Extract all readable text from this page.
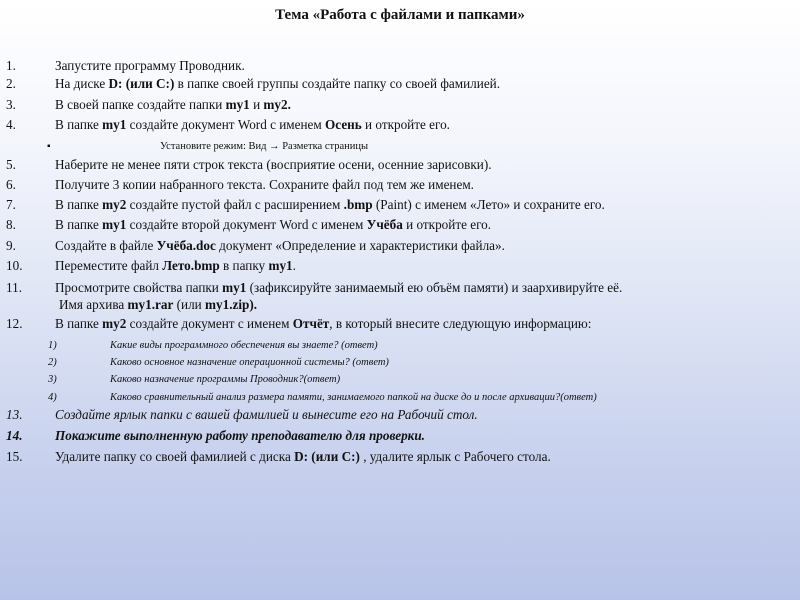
Тема «Работа с файлами и папками»
1.	Запустите программу Проводник.
2.	На диске D: (или C:) в папке своей группы создайте папку со своей фамилией.
3.	В своей папке создайте папки my1 и my2.
4.	В папке my1 создайте документ Word с именем Осень и откройте его.
5.	Наберите не менее пяти строк текста (восприятие осени, осенние зарисовки).
6.	Получите 3 копии набранного текста. Сохраните файл под тем же именем.
7.	В папке my2 создайте пустой файл с расширением .bmp (Paint) с именем «Лето» и сохраните его.
8.	В папке my1 создайте второй документ Word с именем Учёба и откройте его.
9.	Создайте в файле Учёба.doc документ «Определение и характеристики файла».
10. Переместите файл Лето.bmp в папку my1.
11.	Просмотрите свойства папки my1 (зафиксируйте занимаемый ею объём памяти) и заархивируйте её.
12. В папке my2 создайте документ с именем Отчёт, в который внесите следующую информацию:
13. Создайте ярлык папки с вашей фамилией и вынесите его на Рабочий стол.
14. Покажите выполненную работу преподавателю для проверки.
15. Удалите папку со своей фамилией с диска D: (или C:) , удалите ярлык с Рабочего стола.
▪	Установите режим: Вид → Разметка страницы
Имя архива my1.rar (или my1.zip).
1)	Какие виды программного обеспечения вы знаете? (ответ)
2)	Каково основное назначение операционной системы? (ответ)
3)	Каково назначение программы Проводник?(ответ)
4)	Каково сравнительный анализ размера памяти, занимаемого папкой на диске до и после архивации?(ответ)
